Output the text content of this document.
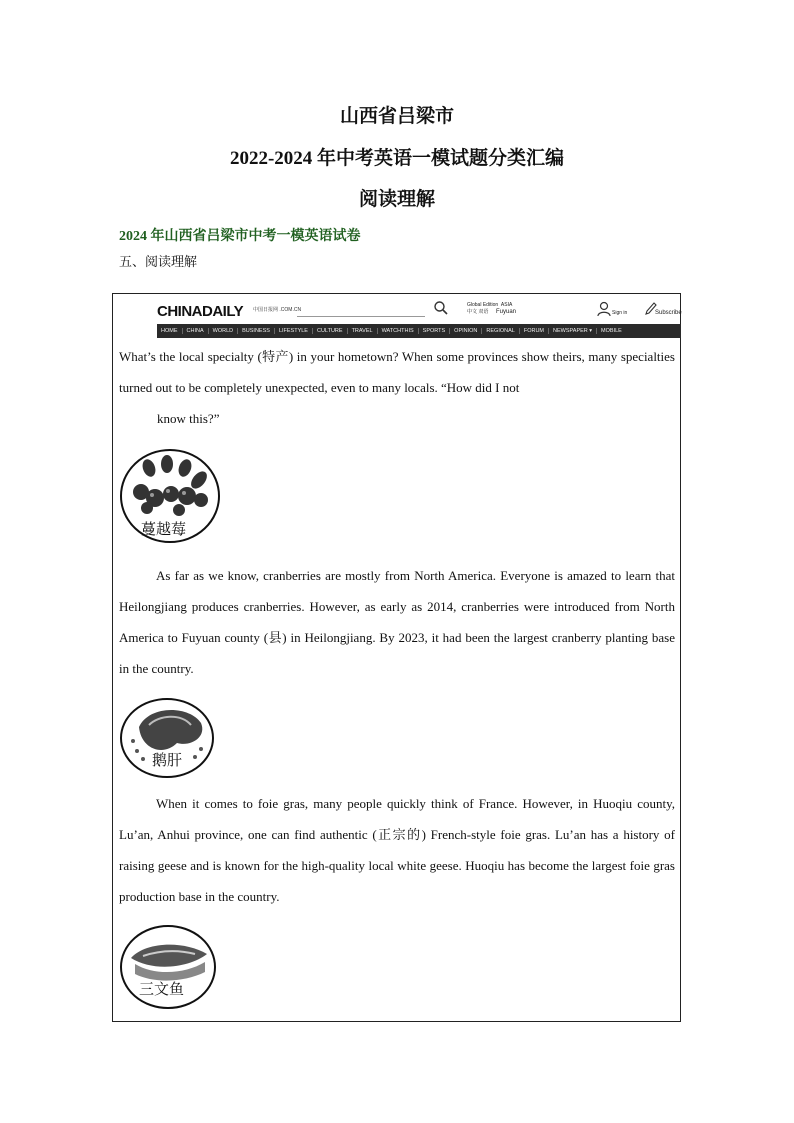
山西省吕梁市
2022-2024 年中考英语一模试题分类汇编
阅读理解
2024 年山西省吕梁市中考一模英语试卷
五、阅读理解
CHINADAILY 中国日报网 .COM.CN
Global Edition ASIA
中文 双语	Fuyuan	Sign in	Subscribe
HOME	CHINA	WORLD	BUSINESS	LIFESTYLE	CULTURE	TRAVEL	WATCHTHIS	SPORTS	OPINION	REGIONAL	FORUM	NEWSPAPER ▾	MOBILE

What’s the local specialty (特产) in your hometown? When some provinces show theirs, many specialties turned out to be completely unexpected, even to many locals. “How did I not

know this?”

蔓越莓

As far as we know, cranberries are mostly from North America. Everyone is amazed to learn that Heilongjiang produces cranberries. However, as early as 2014, cranberries were introduced from North America to Fuyuan county (县) in Heilongjiang. By 2023, it had been the largest cranberry planting base in the country.

鹅肝

When it comes to foie gras, many people quickly think of France. However, in Huoqiu county, Lu’an, Anhui province, one can find authentic (正宗的) French-style foie gras. Lu’an has a history of raising geese and is known for the high-quality local white geese. Huoqiu has become the largest foie gras production base in the country.

三文鱼
